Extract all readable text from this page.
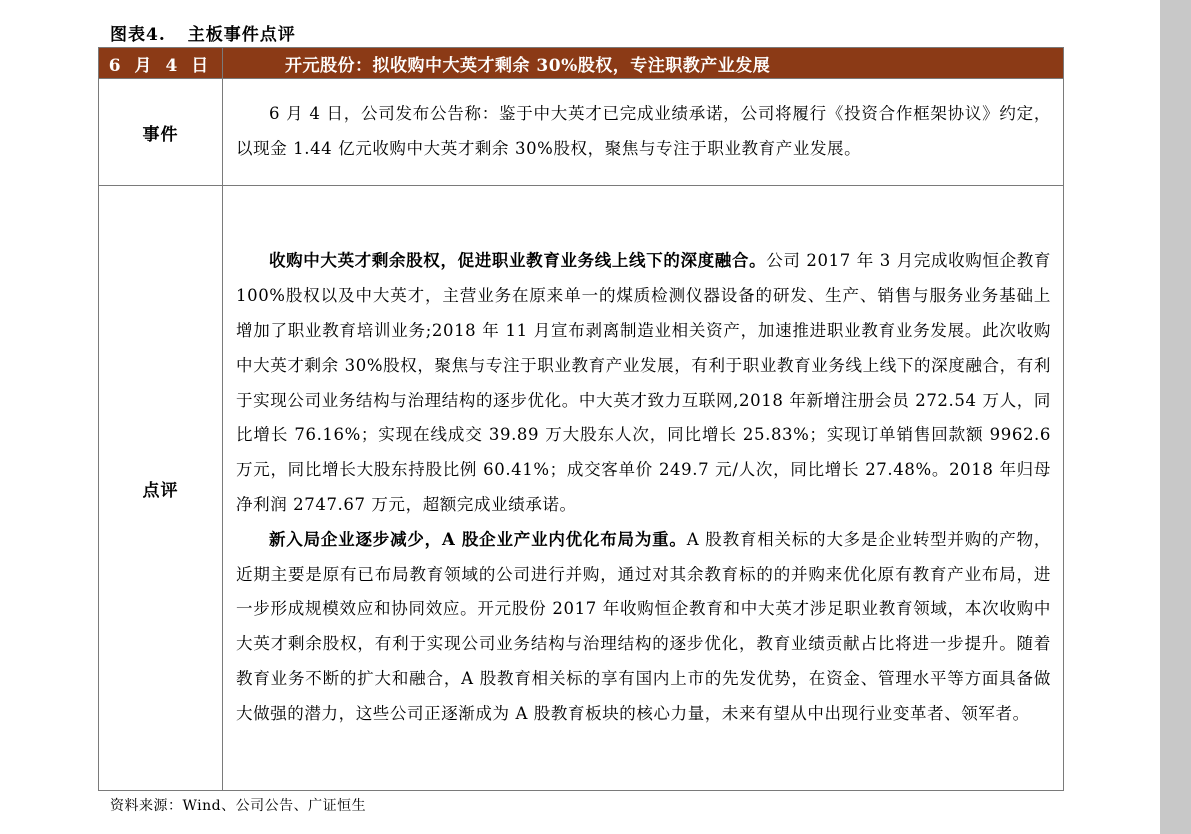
图表4. 主板事件点评
6 月 4 日	开元股份：拟收购中大英才剩余 30%股权，专注职教产业发展
事件	6 月 4 日，公司发布公告称：鉴于中大英才已完成业绩承诺，公司将履行《投资合作框架协议》约定，以现金 1.44 亿元收购中大英才剩余 30%股权，聚焦与专注于职业教育产业发展。

点评	收购中大英才剩余股权，促进职业教育业务线上线下的深度融合。公司 2017 年 3 月完成收购恒企教育 100%股权以及中大英才，主营业务在原来单一的煤质检测仪器设备的研发、生产、销售与服务业务基础上增加了职业教育培训业务;2018 年 11 月宣布剥离制造业相关资产，加速推进职业教育业务发展。此次收购中大英才剩余 30%股权，聚焦与专注于职业教育产业发展，有利于职业教育业务线上线下的深度融合，有利于实现公司业务结构与治理结构的逐步优化。中大英才致力互联网,2018 年新增注册会员 272.54 万人，同比增长 76.16%；实现在线成交 39.89 万大股东人次，同比增长 25.83%；实现订单销售回款额 9962.6 万元，同比增长大股东持股比例 60.41%；成交客单价 249.7 元/人次，同比增长 27.48%。2018 年归母净利润 2747.67 万元，超额完成业绩承诺。

新入局企业逐步减少，A 股企业产业内优化布局为重。A 股教育相关标的大多是企业转型并购的产物，近期主要是原有已布局教育领域的公司进行并购，通过对其余教育标的的并购来优化原有教育产业布局，进一步形成规模效应和协同效应。开元股份 2017 年收购恒企教育和中大英才涉足职业教育领域，本次收购中大英才剩余股权，有利于实现公司业务结构与治理结构的逐步优化，教育业绩贡献占比将进一步提升。随着教育业务不断的扩大和融合，A 股教育相关标的享有国内上市的先发优势，在资金、管理水平等方面具备做大做强的潜力，这些公司正逐渐成为 A 股教育板块的核心力量，未来有望从中出现行业变革者、领军者。

资料来源：Wind、公司公告、广证恒生
